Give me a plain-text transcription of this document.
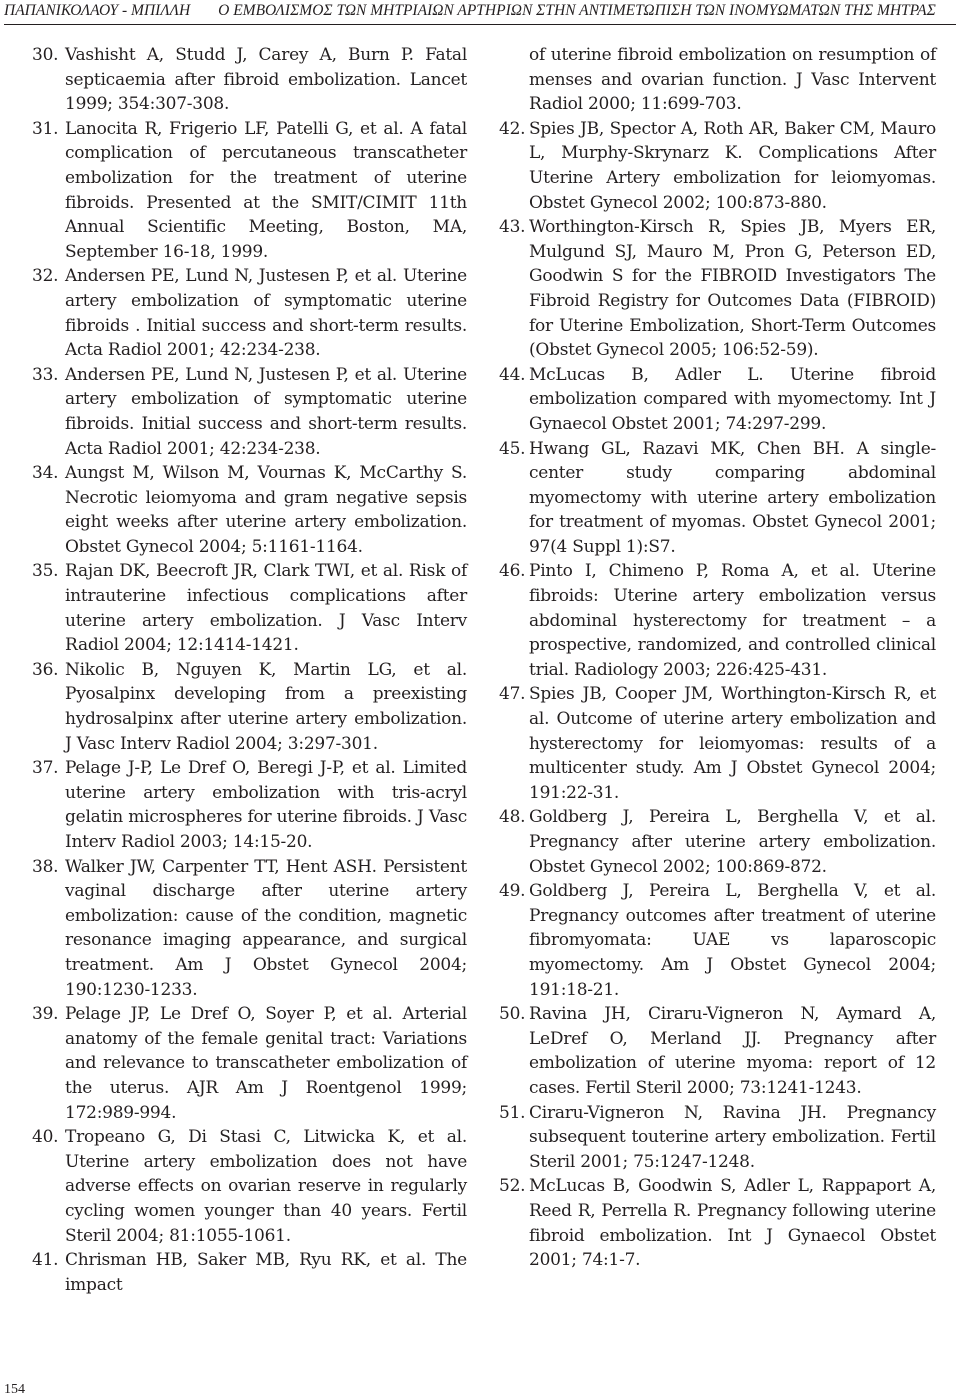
ΠΑΠΑΝΙΚΟΛΑΟΥ - ΜΠΙΛΛΗ Ο ΕΜΒΟΛΙΣΜΟΣ ΤΩΝ ΜΗΤΡΙΑΙΩΝ ΑΡΤΗΡΙΩΝ ΣΤΗΝ ΑΝΤΙΜΕΤΩΠΙΣΗ ΤΩΝ ΙΝΟΜΥΩΜΑΤΩΝ ΤΗΣ ΜΗΤΡΑΣ
30. Vashisht A, Studd J, Carey A, Burn P. Fatal septicaemia after fibroid embolization. Lancet 1999; 354:307-308.
31. Lanocita R, Frigerio LF, Patelli G, et al. A fatal complication of percutaneous transcatheter embolization for the treatment of uterine fibroids. Presented at the SMIT/CIMIT 11th Annual Scientific Meeting, Boston, MA, September 16-18, 1999.
32. Andersen PE, Lund N, Justesen P, et al. Uterine artery embolization of symptomatic uterine fibroids . Initial success and short-term results. Acta Radiol 2001; 42:234-238.
33. Andersen PE, Lund N, Justesen P, et al. Uterine artery embolization of symptomatic uterine fibroids. Initial success and short-term results. Acta Radiol 2001; 42:234-238.
34. Aungst M, Wilson M, Vournas K, McCarthy S. Necrotic leiomyoma and gram negative sepsis eight weeks after uterine artery embolization. Obstet Gynecol 2004; 5:1161-1164.
35. Rajan DK, Beecroft JR, Clark TWI, et al. Risk of intrauterine infectious complications after uterine artery embolization. J Vasc Interv Radiol 2004; 12:1414-1421.
36. Nikolic B, Nguyen K, Martin LG, et al. Pyosalpinx developing from a preexisting hydrosalpinx after uterine artery embolization. J Vasc Interv Radiol 2004; 3:297-301.
37. Pelage J-P, Le Dref O, Beregi J-P, et al. Limited uterine artery embolization with tris-acryl gelatin microspheres for uterine fibroids. J Vasc Interv Radiol 2003; 14:15-20.
38. Walker JW, Carpenter TT, Hent ASH. Persistent vaginal discharge after uterine artery embolization: cause of the condition, magnetic resonance imaging appearance, and surgical treatment. Am J Obstet Gynecol 2004; 190:1230-1233.
39. Pelage JP, Le Dref O, Soyer P, et al. Arterial anatomy of the female genital tract: Variations and relevance to transcatheter embolization of the uterus. AJR Am J Roentgenol 1999; 172:989-994.
40. Tropeano G, Di Stasi C, Litwicka K, et al. Uterine artery embolization does not have adverse effects on ovarian reserve in regularly cycling women younger than 40 years. Fertil Steril 2004; 81:1055-1061.
41. Chrisman HB, Saker MB, Ryu RK, et al. The impact
of uterine fibroid embolization on resumption of menses and ovarian function. J Vasc Intervent Radiol 2000; 11:699-703.
42. Spies JB, Spector A, Roth AR, Baker CM, Mauro L, Murphy-Skrynarz K. Complications After Uterine Artery embolization for leiomyomas. Obstet Gynecol 2002; 100:873-880.
43. Worthington-Kirsch R, Spies JB, Myers ER, Mulgund SJ, Mauro M, Pron G, Peterson ED, Goodwin S for the FIBROID Investigators The Fibroid Registry for Outcomes Data (FIBROID) for Uterine Embolization, Short-Term Outcomes (Obstet Gynecol 2005; 106:52-59).
44. McLucas B, Adler L. Uterine fibroid embolization compared with myomectomy. Int J Gynaecol Obstet 2001; 74:297-299.
45. Hwang GL, Razavi MK, Chen BH. A single-center study comparing abdominal myomectomy with uterine artery embolization for treatment of myomas. Obstet Gynecol 2001; 97(4 Suppl 1):S7.
46. Pinto I, Chimeno P, Roma A, et al. Uterine fibroids: Uterine artery embolization versus abdominal hysterectomy for treatment – a prospective, randomized, and controlled clinical trial. Radiology 2003; 226:425-431.
47. Spies JB, Cooper JM, Worthington-Kirsch R, et al. Outcome of uterine artery embolization and hysterectomy for leiomyomas: results of a multicenter study. Am J Obstet Gynecol 2004; 191:22-31.
48. Goldberg J, Pereira L, Berghella V, et al. Pregnancy after uterine artery embolization. Obstet Gynecol 2002; 100:869-872.
49. Goldberg J, Pereira L, Berghella V, et al. Pregnancy outcomes after treatment of uterine fibromyomata: UAE vs laparoscopic myomectomy. Am J Obstet Gynecol 2004; 191:18-21.
50. Ravina JH, Ciraru-Vigneron N, Aymard A, LeDref O, Merland JJ. Pregnancy after embolization of uterine myoma: report of 12 cases. Fertil Steril 2000; 73:1241-1243.
51. Ciraru-Vigneron N, Ravina JH. Pregnancy subsequent touterine artery embolization. Fertil Steril 2001; 75:1247-1248.
52. McLucas B, Goodwin S, Adler L, Rappaport A, Reed R, Perrella R. Pregnancy following uterine fibroid embolization. Int J Gynaecol Obstet 2001; 74:1-7.
154
